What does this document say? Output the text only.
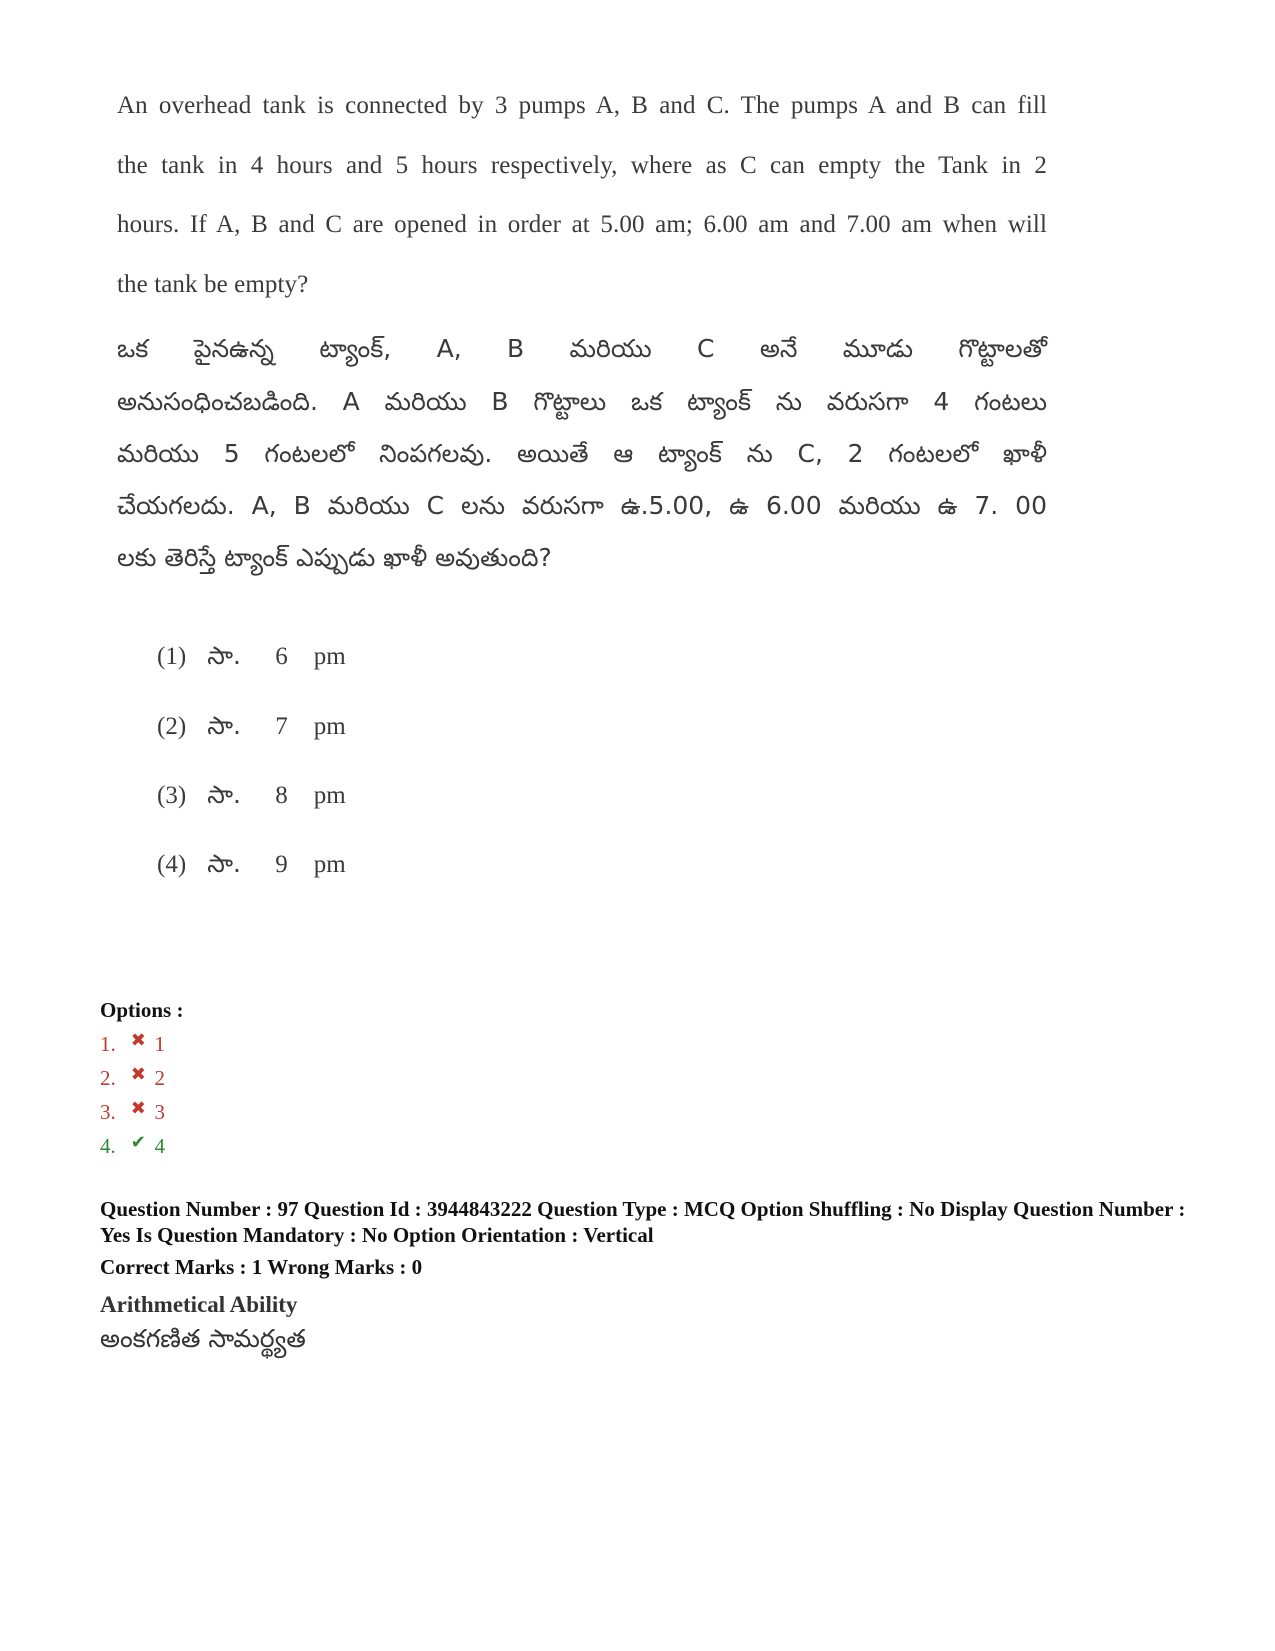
An overhead tank is connected by 3 pumps A, B and C. The pumps A and B can fill
the tank in 4 hours and 5 hours respectively, where as C can empty the Tank in 2
hours. If A, B and C are opened in order at 5.00 am; 6.00 am and 7.00 am when will
the tank be empty?
ఒక పైనఉన్న ట్యాంక్, A, B మరియు C అనే మూడు గొట్టాలతో
అనుసంధించబడింది. A మరియు B గొట్టాలు ఒక ట్యాంక్ ను వరుసగా 4 గంటలు
మరియు 5 గంటలలో నింపగలవు. అయితే ఆ ట్యాంక్ ను C, 2 గంటలలో ఖాళీ
చేయగలదు. A, B మరియు C లను వరుసగా ఉ.5.00, ఉ 6.00 మరియు ఉ 7. 00
లకు తెరిస్తే ట్యాంక్ ఎప్పుడు ఖాళీ అవుతుంది?
(1) సా. 6 pm
(2) సా. 7 pm
(3) సా. 8 pm
(4) సా. 9 pm
Options :
1. ✖ 1
2. ✖ 2
3. ✖ 3
4. ✔ 4
Question Number : 97 Question Id : 3944843222 Question Type : MCQ Option Shuffling : No Display Question Number : Yes Is Question Mandatory : No Option Orientation : Vertical
Correct Marks : 1 Wrong Marks : 0
Arithmetical Ability
అంకగణిత సామర్థ్యత
